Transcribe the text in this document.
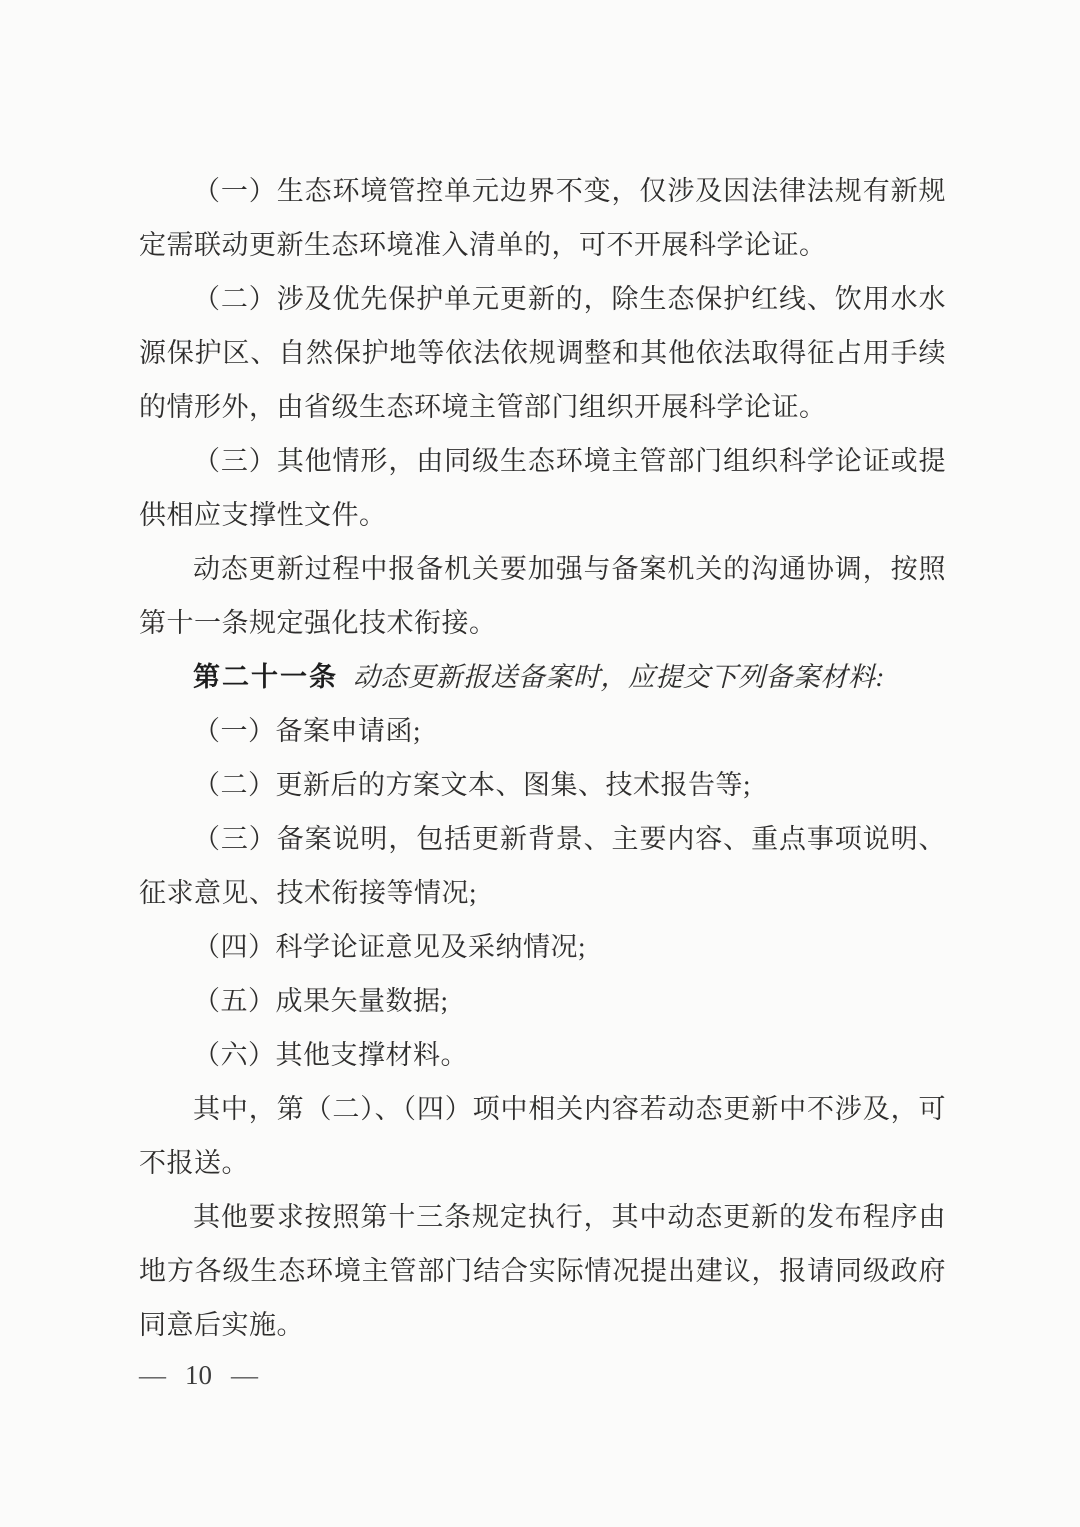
（一）生态环境管控单元边界不变，仅涉及因法律法规有新规定需联动更新生态环境准入清单的，可不开展科学论证。

（二）涉及优先保护单元更新的，除生态保护红线、饮用水水源保护区、自然保护地等依法依规调整和其他依法取得征占用手续的情形外，由省级生态环境主管部门组织开展科学论证。

（三）其他情形，由同级生态环境主管部门组织科学论证或提供相应支撑性文件。

动态更新过程中报备机关要加强与备案机关的沟通协调，按照第十一条规定强化技术衔接。

第二十一条 动态更新报送备案时，应提交下列备案材料:

（一）备案申请函;

（二）更新后的方案文本、图集、技术报告等;

（三）备案说明，包括更新背景、主要内容、重点事项说明、征求意见、技术衔接等情况;

（四）科学论证意见及采纳情况;

（五）成果矢量数据;

（六）其他支撑材料。

其中，第（二）、（四）项中相关内容若动态更新中不涉及，可不报送。

其他要求按照第十三条规定执行，其中动态更新的发布程序由地方各级生态环境主管部门结合实际情况提出建议，报请同级政府同意后实施。

— 10 —
